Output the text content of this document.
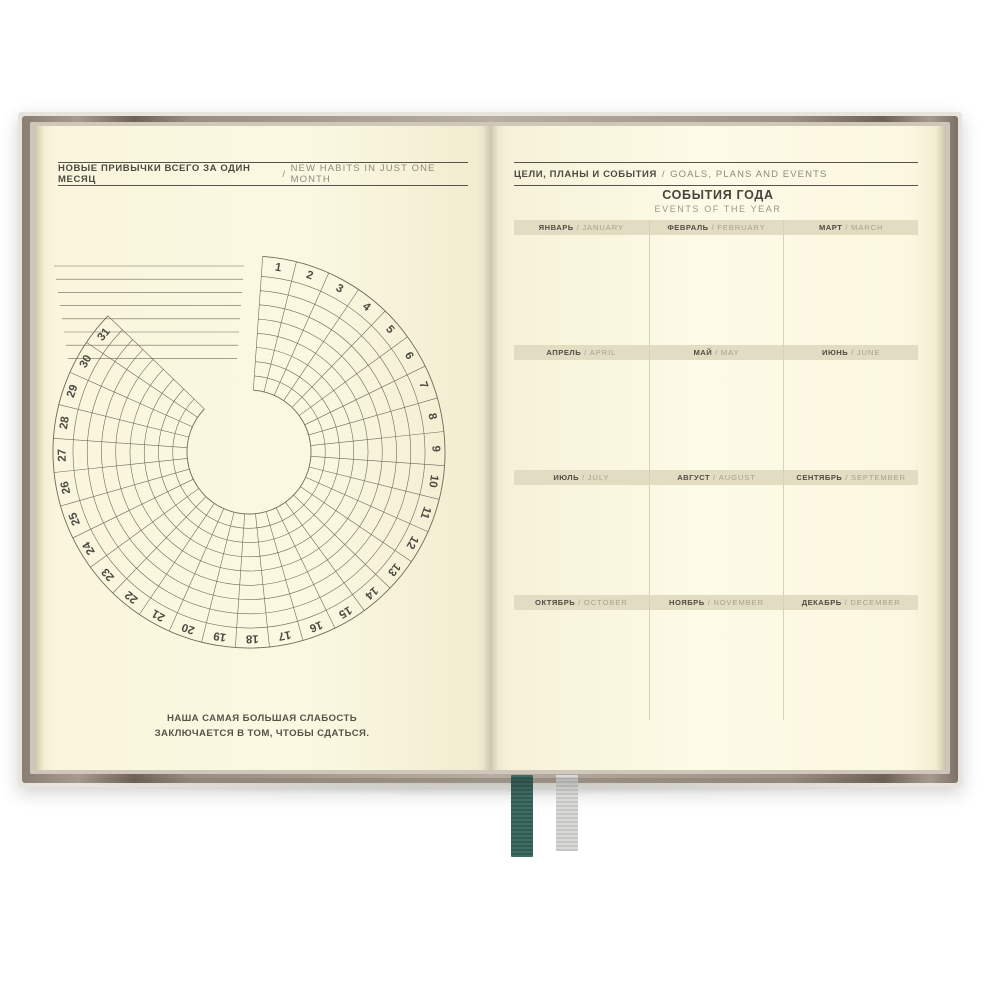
НОВЫЕ ПРИВЫЧКИ ВСЕГО ЗА ОДИН МЕСЯЦ	/ NEW HABITS IN JUST ONE MONTH
1
2
3
4
5
6
7
8
9
10
11
12
13
14
15
16
17
18
19
20
21
22
23
24
25
26
27
28
29
30
31
НАША САМАЯ БОЛЬШАЯ СЛАБОСТЬ
ЗАКЛЮЧАЕТСЯ В ТОМ, ЧТОБЫ СДАТЬСЯ.
ЦЕЛИ, ПЛАНЫ И СОБЫТИЯ / GOALS, PLANS AND EVENTS
СОБЫТИЯ ГОДА
EVENTS OF THE YEAR
ЯНВАРЬ / JANUARY	ФЕВРАЛЬ / FEBRUARY	МАРТ / MARCH
АПРЕЛЬ / APRIL	МАЙ / MAY	ИЮНЬ / JUNE
ИЮЛЬ / JULY	АВГУСТ / AUGUST	СЕНТЯБРЬ / SEPTEMBER
ОКТЯБРЬ / OCTOBER	НОЯБРЬ / NOVEMBER	ДЕКАБРЬ / DECEMBER
